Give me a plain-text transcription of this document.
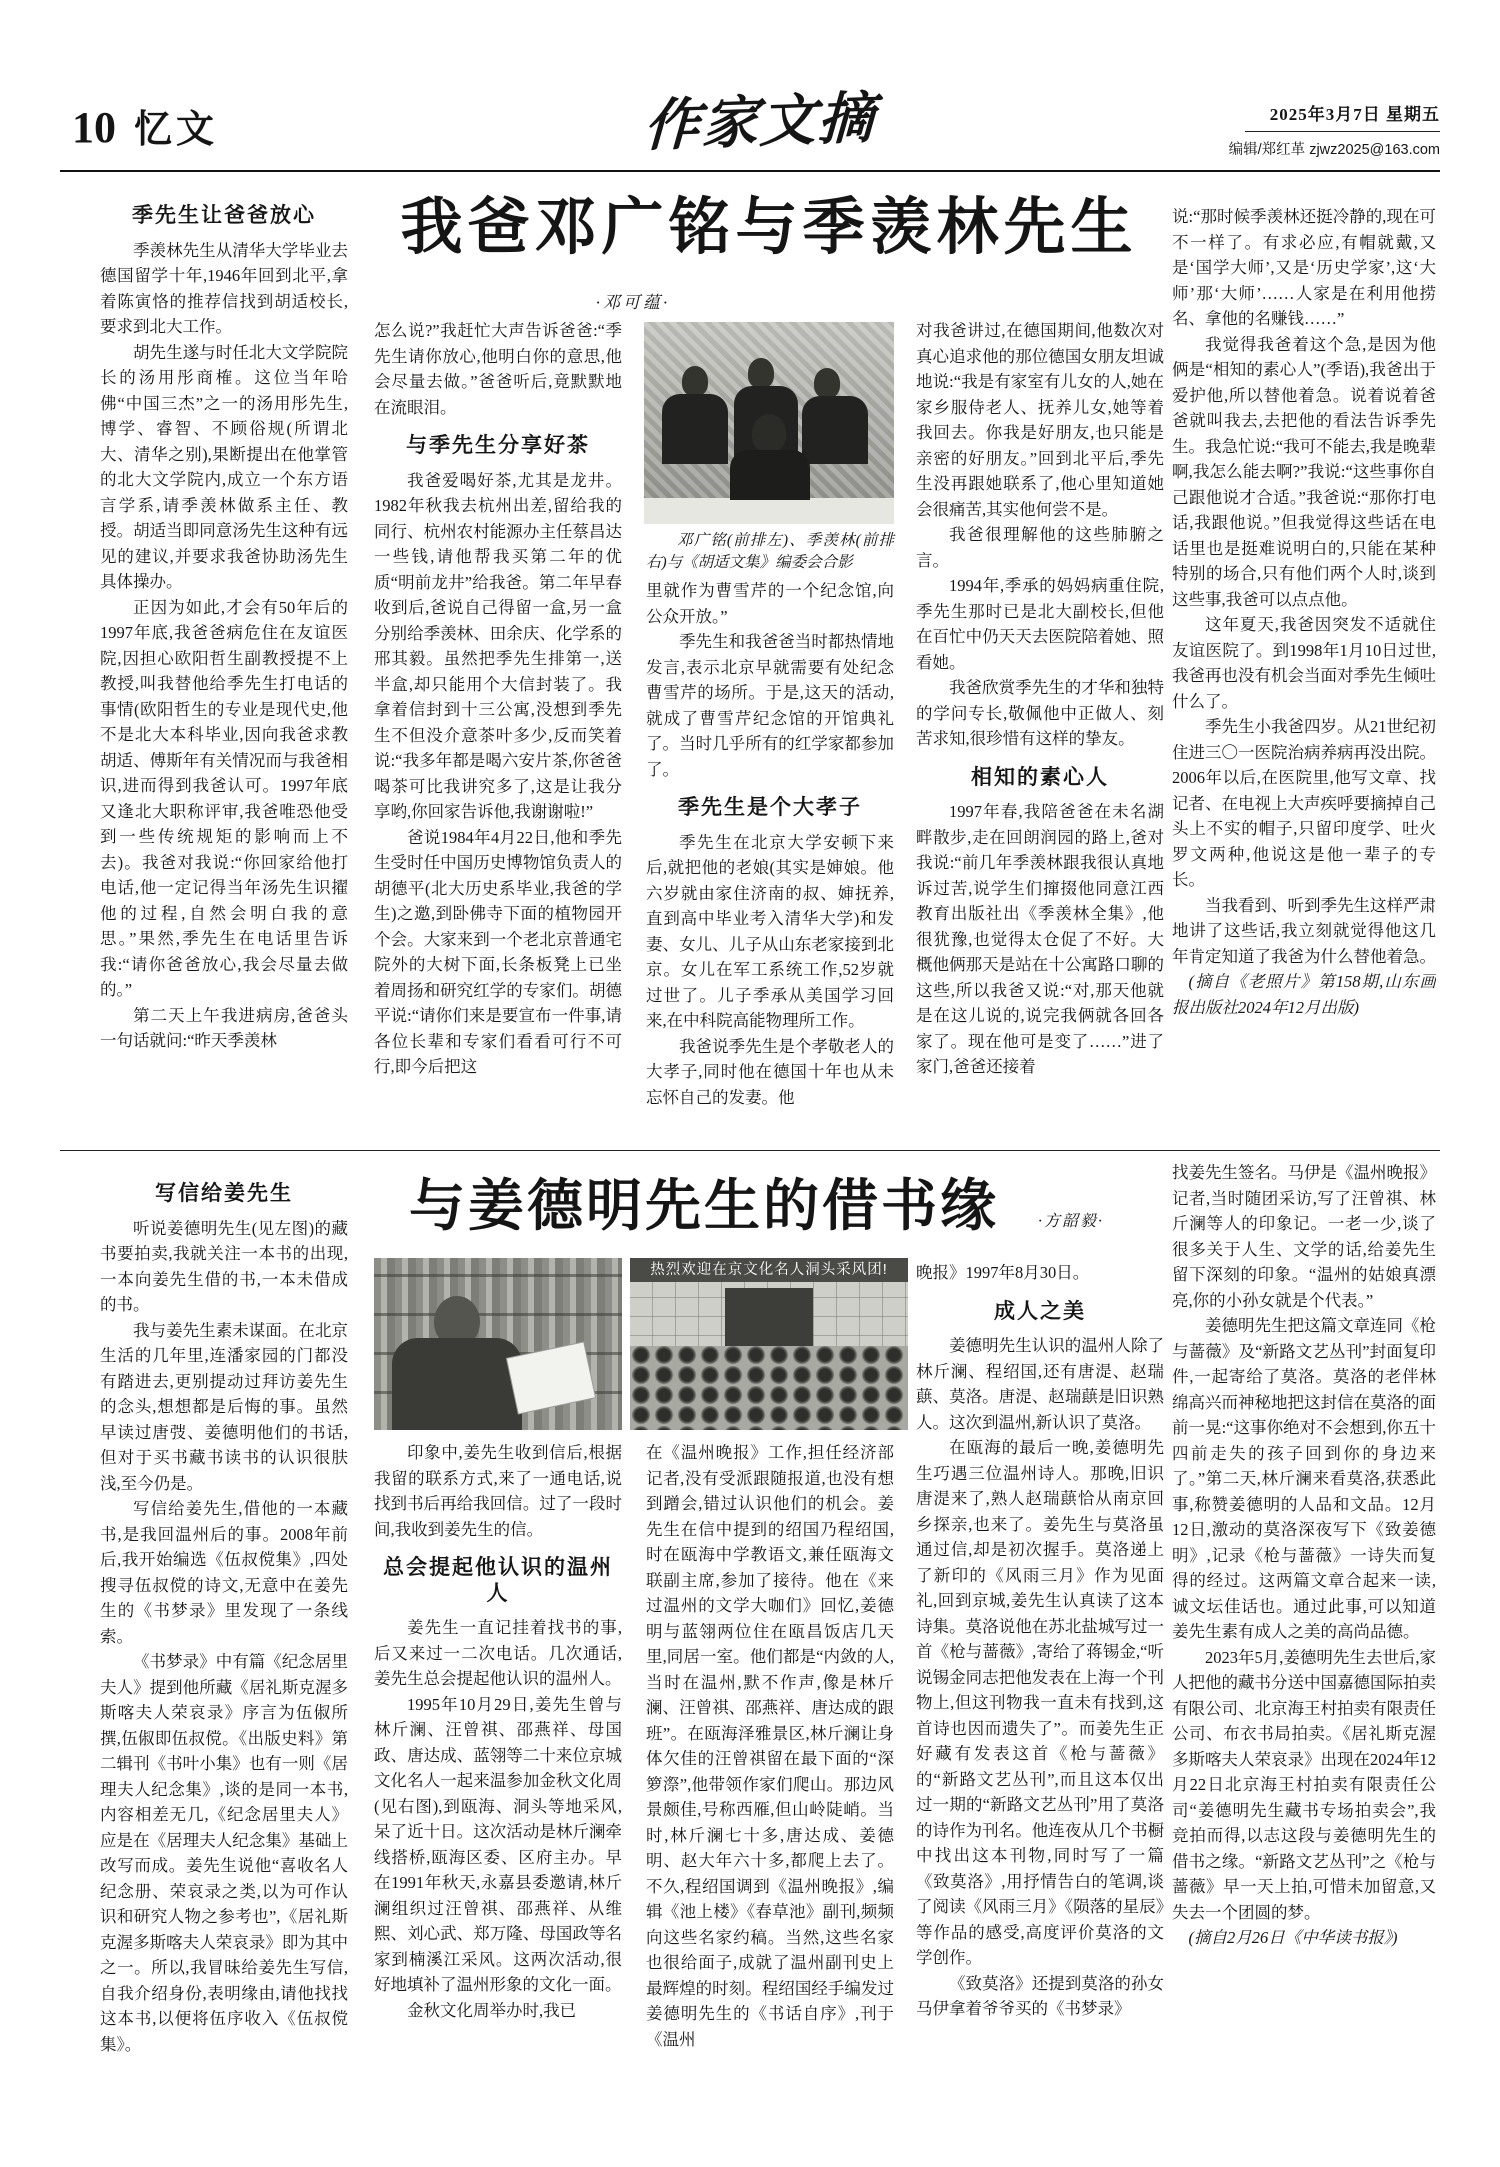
10 忆文	作家文摘	2025年3月7日 星期五
编辑/郑红革 zjwz2025@163.com
我爸邓广铭与季羡林先生
·邓可蕴·
季先生让爸爸放心

季羡林先生从清华大学毕业去德国留学十年,1946年回到北平,拿着陈寅恪的推荐信找到胡适校长,要求到北大工作。

胡先生遂与时任北大文学院院长的汤用彤商榷。这位当年哈佛“中国三杰”之一的汤用彤先生,博学、睿智、不顾俗规(所谓北大、清华之别),果断提出在他掌管的北大文学院内,成立一个东方语言学系,请季羡林做系主任、教授。胡适当即同意汤先生这种有远见的建议,并要求我爸协助汤先生具体操办。

正因为如此,才会有50年后的1997年底,我爸爸病危住在友谊医院,因担心欧阳哲生副教授提不上教授,叫我替他给季先生打电话的事情(欧阳哲生的专业是现代史,他不是北大本科毕业,因向我爸求教胡适、傅斯年有关情况而与我爸相识,进而得到我爸认可。1997年底又逢北大职称评审,我爸唯恐他受到一些传统规矩的影响而上不去)。我爸对我说:“你回家给他打电话,他一定记得当年汤先生识擢他的过程,自然会明白我的意思。”果然,季先生在电话里告诉我:“请你爸爸放心,我会尽量去做的。”

第二天上午我进病房,爸爸头一句话就问:“昨天季羡林

怎么说?”我赶忙大声告诉爸爸:“季先生请你放心,他明白你的意思,他会尽量去做。”爸爸听后,竟默默地在流眼泪。

与季先生分享好茶

我爸爱喝好茶,尤其是龙井。1982年秋我去杭州出差,留给我的同行、杭州农村能源办主任蔡昌达一些钱,请他帮我买第二年的优质“明前龙井”给我爸。第二年早春收到后,爸说自己得留一盒,另一盒分别给季羡林、田余庆、化学系的邢其毅。虽然把季先生排第一,送半盒,却只能用个大信封装了。我拿着信封到十三公寓,没想到季先生不但没介意茶叶多少,反而笑着说:“我多年都是喝六安片茶,你爸爸喝茶可比我讲究多了,这是让我分享哟,你回家告诉他,我谢谢啦!”

爸说1984年4月22日,他和季先生受时任中国历史博物馆负责人的胡德平(北大历史系毕业,我爸的学生)之邀,到卧佛寺下面的植物园开个会。大家来到一个老北京普通宅院外的大树下面,长条板凳上已坐着周扬和研究红学的专家们。胡德平说:“请你们来是要宣布一件事,请各位长辈和专家们看看可行不可行,即今后把这

邓广铭(前排左)、季羡林(前排右)与《胡适文集》编委会合影

里就作为曹雪芹的一个纪念馆,向公众开放。”

季先生和我爸爸当时都热情地发言,表示北京早就需要有处纪念曹雪芹的场所。于是,这天的活动,就成了曹雪芹纪念馆的开馆典礼了。当时几乎所有的红学家都参加了。

季先生是个大孝子

季先生在北京大学安顿下来后,就把他的老娘(其实是婶娘。他六岁就由家住济南的叔、婶抚养,直到高中毕业考入清华大学)和发妻、女儿、儿子从山东老家接到北京。女儿在军工系统工作,52岁就过世了。儿子季承从美国学习回来,在中科院高能物理所工作。

我爸说季先生是个孝敬老人的大孝子,同时他在德国十年也从未忘怀自己的发妻。他

对我爸讲过,在德国期间,他数次对真心追求他的那位德国女朋友坦诚地说:“我是有家室有儿女的人,她在家乡服侍老人、抚养儿女,她等着我回去。你我是好朋友,也只能是亲密的好朋友。”回到北平后,季先生没再跟她联系了,他心里知道她会很痛苦,其实他何尝不是。

我爸很理解他的这些肺腑之言。

1994年,季承的妈妈病重住院,季先生那时已是北大副校长,但他在百忙中仍天天去医院陪着她、照看她。

我爸欣赏季先生的才华和独特的学问专长,敬佩他中正做人、刻苦求知,很珍惜有这样的挚友。

相知的素心人

1997年春,我陪爸爸在未名湖畔散步,走在回朗润园的路上,爸对我说:“前几年季羡林跟我很认真地诉过苦,说学生们撺掇他同意江西教育出版社出《季羡林全集》,他很犹豫,也觉得太仓促了不好。大概他俩那天是站在十公寓路口聊的这些,所以我爸又说:“对,那天他就是在这儿说的,说完我俩就各回各家了。现在他可是变了……”进了家门,爸爸还接着

说:“那时候季羡林还挺冷静的,现在可不一样了。有求必应,有帽就戴,又是‘国学大师’,又是‘历史学家’,这‘大师’那‘大师’……人家是在利用他捞名、拿他的名赚钱……”

我觉得我爸着这个急,是因为他俩是“相知的素心人”(季语),我爸出于爱护他,所以替他着急。说着说着爸爸就叫我去,去把他的看法告诉季先生。我急忙说:“我可不能去,我是晚辈啊,我怎么能去啊?”我说:“这些事你自己跟他说才合适。”我爸说:“那你打电话,我跟他说。”但我觉得这些话在电话里也是挺难说明白的,只能在某种特别的场合,只有他们两个人时,谈到这些事,我爸可以点点他。

这年夏天,我爸因突发不适就住友谊医院了。到1998年1月10日过世,我爸再也没有机会当面对季先生倾吐什么了。

季先生小我爸四岁。从21世纪初住进三〇一医院治病养病再没出院。2006年以后,在医院里,他写文章、找记者、在电视上大声疾呼要摘掉自己头上不实的帽子,只留印度学、吐火罗文两种,他说这是他一辈子的专长。

当我看到、听到季先生这样严肃地讲了这些话,我立刻就觉得他这几年肯定知道了我爸为什么替他着急。

(摘自《老照片》第158期,山东画报出版社2024年12月出版)

与姜德明先生的借书缘	·方韶毅·
写信给姜先生

听说姜德明先生(见左图)的藏书要拍卖,我就关注一本书的出现,一本向姜先生借的书,一本未借成的书。

我与姜先生素未谋面。在北京生活的几年里,连潘家园的门都没有踏进去,更别提动过拜访姜先生的念头,想想都是后悔的事。虽然早读过唐弢、姜德明他们的书话,但对于买书藏书读书的认识很肤浅,至今仍是。

写信给姜先生,借他的一本藏书,是我回温州后的事。2008年前后,我开始编选《伍叔傥集》,四处搜寻伍叔傥的诗文,无意中在姜先生的《书梦录》里发现了一条线索。

《书梦录》中有篇《纪念居里夫人》提到他所藏《居礼斯克渥多斯喀夫人荣哀录》序言为伍俶所撰,伍俶即伍叔傥。《出版史料》第二辑刊《书叶小集》也有一则《居理夫人纪念集》,谈的是同一本书,内容相差无几,《纪念居里夫人》应是在《居理夫人纪念集》基础上改写而成。姜先生说他“喜收名人纪念册、荣哀录之类,以为可作认识和研究人物之参考也”,《居礼斯克渥多斯喀夫人荣哀录》即为其中之一。所以,我冒昧给姜先生写信,自我介绍身份,表明缘由,请他找找这本书,以便将伍序收入《伍叔傥集》。

热烈欢迎在京文化名人洞头采风团!

印象中,姜先生收到信后,根据我留的联系方式,来了一通电话,说找到书后再给我回信。过了一段时间,我收到姜先生的信。

总会提起他认识的温州人

姜先生一直记挂着找书的事,后又来过一二次电话。几次通话,姜先生总会提起他认识的温州人。

1995年10月29日,姜先生曾与林斤澜、汪曾祺、邵燕祥、母国政、唐达成、蓝翎等二十来位京城文化名人一起来温参加金秋文化周(见右图),到瓯海、洞头等地采风,呆了近十日。这次活动是林斤澜牵线搭桥,瓯海区委、区府主办。早在1991年秋天,永嘉县委邀请,林斤澜组织过汪曾祺、邵燕祥、从维熙、刘心武、郑万隆、母国政等名家到楠溪江采风。这两次活动,很好地填补了温州形象的文化一面。

金秋文化周举办时,我已

在《温州晚报》工作,担任经济部记者,没有受派跟随报道,也没有想到蹭会,错过认识他们的机会。姜先生在信中提到的绍国乃程绍国,时在瓯海中学教语文,兼任瓯海文联副主席,参加了接待。他在《来过温州的文学大咖们》回忆,姜德明与蓝翎两位住在瓯昌饭店几天里,同居一室。他们都是“内敛的人,当时在温州,默不作声,像是林斤澜、汪曾祺、邵燕祥、唐达成的跟班”。在瓯海泽雅景区,林斤澜让身体欠佳的汪曾祺留在最下面的“深箩漈”,他带领作家们爬山。那边风景颇佳,号称西雁,但山岭陡峭。当时,林斤澜七十多,唐达成、姜德明、赵大年六十多,都爬上去了。不久,程绍国调到《温州晚报》,编辑《池上楼》《春草池》副刊,频频向这些名家约稿。当然,这些名家也很给面子,成就了温州副刊史上最辉煌的时刻。程绍国经手编发过姜德明先生的《书话自序》,刊于《温州

晚报》1997年8月30日。

成人之美

姜德明先生认识的温州人除了林斤澜、程绍国,还有唐湜、赵瑞蕻、莫洛。唐湜、赵瑞蕻是旧识熟人。这次到温州,新认识了莫洛。

在瓯海的最后一晚,姜德明先生巧遇三位温州诗人。那晚,旧识唐湜来了,熟人赵瑞蕻恰从南京回乡探亲,也来了。姜先生与莫洛虽通过信,却是初次握手。莫洛递上了新印的《风雨三月》作为见面礼,回到京城,姜先生认真读了这本诗集。莫洛说他在苏北盐城写过一首《枪与蔷薇》,寄给了蒋锡金,“听说锡金同志把他发表在上海一个刊物上,但这刊物我一直未有找到,这首诗也因而遗失了”。而姜先生正好藏有发表这首《枪与蔷薇》的“新路文艺丛刊”,而且这本仅出过一期的“新路文艺丛刊”用了莫洛的诗作为刊名。他连夜从几个书橱中找出这本刊物,同时写了一篇《致莫洛》,用抒情告白的笔调,谈了阅读《风雨三月》《陨落的星辰》等作品的感受,高度评价莫洛的文学创作。

《致莫洛》还提到莫洛的孙女马伊拿着爷爷买的《书梦录》

找姜先生签名。马伊是《温州晚报》记者,当时随团采访,写了汪曾祺、林斤澜等人的印象记。一老一少,谈了很多关于人生、文学的话,给姜先生留下深刻的印象。“温州的姑娘真漂亮,你的小孙女就是个代表。”

姜德明先生把这篇文章连同《枪与蔷薇》及“新路文艺丛刊”封面复印件,一起寄给了莫洛。莫洛的老伴林绵高兴而神秘地把这封信在莫洛的面前一晃:“这事你绝对不会想到,你五十四前走失的孩子回到你的身边来了。”第二天,林斤澜来看莫洛,获悉此事,称赞姜德明的人品和文品。12月12日,激动的莫洛深夜写下《致姜德明》,记录《枪与蔷薇》一诗失而复得的经过。这两篇文章合起来一读,诚文坛佳话也。通过此事,可以知道姜先生素有成人之美的高尚品德。

2023年5月,姜德明先生去世后,家人把他的藏书分送中国嘉德国际拍卖有限公司、北京海王村拍卖有限责任公司、布衣书局拍卖。《居礼斯克渥多斯喀夫人荣哀录》出现在2024年12月22日北京海王村拍卖有限责任公司“姜德明先生藏书专场拍卖会”,我竞拍而得,以志这段与姜德明先生的借书之缘。“新路文艺丛刊”之《枪与蔷薇》早一天上拍,可惜未加留意,又失去一个团圆的梦。

(摘自2月26日《中华读书报》)
